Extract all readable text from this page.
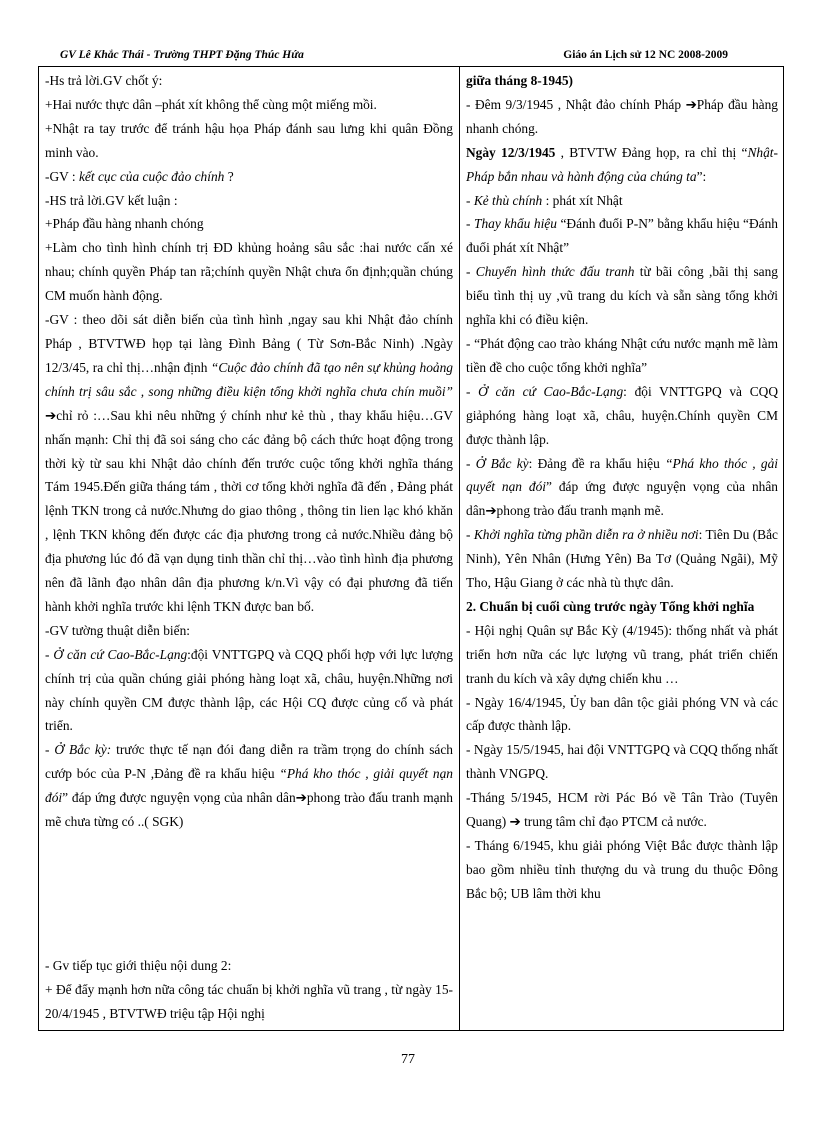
GV Lê Khắc Thái - Trường THPT Đặng Thúc Hứa	Giáo án Lịch sử 12 NC 2008-2009

-Hs trả lời.GV chốt ý:

+Hai nước thực dân –phát xít không thể cùng một miếng mồi.

+Nhật ra tay trước để tránh hậu họa Pháp đánh sau lưng khi quân Đồng minh vào.

-GV : kết cục của cuộc đảo chính ?

-HS trả lời.GV kết luận :

+Pháp đầu hàng nhanh chóng

+Làm cho tình hình chính trị ĐD khủng hoảng sâu sắc :hai nước cấn xé nhau; chính quyền Pháp tan rã;chính quyền Nhật chưa ổn định;quần chúng CM muốn hành động.

-GV : theo dõi sát diễn biến của tình hình ,ngay sau khi Nhật đảo chính Pháp , BTVTWĐ họp tại làng Đình Bảng ( Từ Sơn-Bắc Ninh) .Ngày 12/3/45, ra chỉ thị…nhận định “Cuộc đảo chính đã tạo nên sự khủng hoảng chính trị sâu sắc , song những điều kiện tổng khởi nghĩa chưa chín muồi” ➔chỉ rỏ :…Sau khi nêu những ý chính như kẻ thù , thay khẩu hiệu…GV nhấn mạnh: Chỉ thị đã soi sáng cho các đảng bộ cách thức hoạt động trong thời kỳ từ sau khi Nhật dảo chính đến trước cuộc tổng khởi nghĩa tháng Tám 1945.Đến giữa tháng tám , thời cơ tổng khởi nghĩa đã đến , Đảng phát lệnh TKN trong cả nước.Nhưng do giao thông , thông tin lien lạc khó khăn , lệnh TKN không đến được các địa phương trong cả nước.Nhiều đảng bộ địa phương lúc đó đã vạn dụng tinh thần chỉ thị…vào tình hình địa phương nên đã lãnh đạo nhân dân địa phương k/n.Vì vậy có đại phương đã tiến hành khởi nghĩa trước khi lệnh TKN được ban bố.

-GV tường thuật diễn biến:

- Ở căn cứ Cao-Bắc-Lạng:đội VNTTGPQ và CQQ phối hợp với lực lượng chính trị của quần chúng giải phóng hàng loạt xã, châu, huyện.Những nơi này chính quyền CM được thành lập, các Hội CQ được củng cố và phát triển.

- Ở Bắc kỳ: trước thực tế nạn đói đang diễn ra trầm trọng do chính sách cướp bóc của P-N ,Đảng đề ra khẩu hiệu “Phá kho thóc , giải quyết nạn đói” đáp ứng được nguyện vọng của nhân dân➔phong trào đấu tranh mạnh mẽ chưa từng có ..( SGK)

- Gv tiếp tục giới thiệu nội dung 2:

+ Để đẩy mạnh hơn nữa công tác chuẩn bị khởi nghĩa vũ trang , từ ngày 15-20/4/1945 , BTVTWĐ triệu tập Hội nghị

giữa tháng 8-1945)

- Đêm 9/3/1945 , Nhật đảo chính Pháp ➔Pháp đầu hàng nhanh chóng.

Ngày 12/3/1945 , BTVTW Đảng họp, ra chỉ thị “Nhật-Pháp bắn nhau và hành động của chúng ta”:

- Kẻ thù chính : phát xít Nhật

- Thay khẩu hiệu “Đánh đuổi P-N” bằng khẩu hiệu “Đánh đuổi phát xít Nhật”

- Chuyển hình thức đấu tranh từ bãi công ,bãi thị sang biểu tình thị uy ,vũ trang du kích và sẵn sàng tổng khởi nghĩa khi có điều kiện.

- “Phát động cao trào kháng Nhật cứu nước mạnh mẽ làm tiền đề cho cuộc tổng khởi nghĩa”

- Ở căn cứ Cao-Bắc-Lạng: đội VNTTGPQ và CQQ giảphóng hàng loạt xã, châu, huyện.Chính quyền CM được thành lập.

- Ở Bắc kỳ: Đảng đề ra khẩu hiệu “Phá kho thóc , gải quyết nạn đói” đáp ứng được nguyện vọng của nhân dân➔phong trào đấu tranh mạnh mẽ.

- Khởi nghĩa từng phần diễn ra ở nhiều nơi: Tiên Du (Bắc Ninh), Yên Nhân (Hưng Yên) Ba Tơ (Quảng Ngãi), Mỹ Tho, Hậu Giang ở các nhà tù thực dân.

2. Chuẩn bị cuối cùng trước ngày Tổng khởi nghĩa

- Hội nghị Quân sự Bắc Kỳ (4/1945): thống nhất và phát triển hơn nữa các lực lượng vũ trang, phát triển chiến tranh du kích và xây dựng chiến khu …

- Ngày 16/4/1945, Ủy ban dân tộc giải phóng VN và các cấp được thành lập.

- Ngày 15/5/1945, hai đội VNTTGPQ và CQQ thống nhất thành VNGPQ.

-Tháng 5/1945, HCM rời Pác Bó về Tân Trào (Tuyên Quang) ➔ trung tâm chỉ đạo PTCM cả nước.

- Tháng 6/1945, khu giải phóng Việt Bắc được thành lập bao gồm nhiều tỉnh thượng du và trung du thuộc Đông Bắc bộ; UB lâm thời khu

77
